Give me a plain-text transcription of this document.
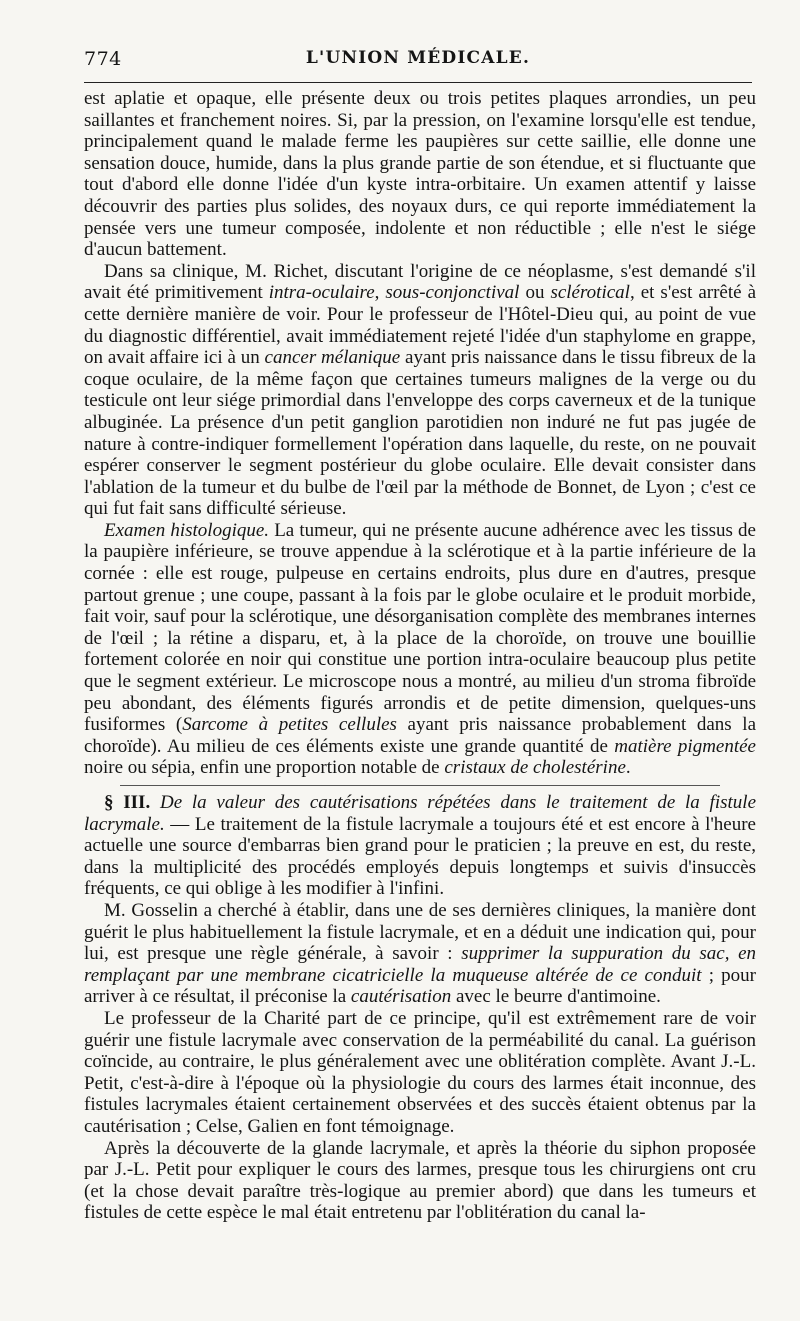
774	L'UNION MÉDICALE.

est aplatie et opaque, elle présente deux ou trois petites plaques arrondies, un peu saillantes et franchement noires. Si, par la pression, on l'examine lorsqu'elle est tendue, principalement quand le malade ferme les paupières sur cette saillie, elle donne une sensation douce, humide, dans la plus grande partie de son étendue, et si fluctuante que tout d'abord elle donne l'idée d'un kyste intra-orbitaire. Un examen attentif y laisse découvrir des parties plus solides, des noyaux durs, ce qui reporte immédiatement la pensée vers une tumeur composée, indolente et non réductible ; elle n'est le siége d'aucun battement.

Dans sa clinique, M. Richet, discutant l'origine de ce néoplasme, s'est demandé s'il avait été primitivement intra-oculaire, sous-conjonctival ou sclérotical, et s'est arrêté à cette dernière manière de voir. Pour le professeur de l'Hôtel-Dieu qui, au point de vue du diagnostic différentiel, avait immédiatement rejeté l'idée d'un staphylome en grappe, on avait affaire ici à un cancer mélanique ayant pris naissance dans le tissu fibreux de la coque oculaire, de la même façon que certaines tumeurs malignes de la verge ou du testicule ont leur siége primordial dans l'enveloppe des corps caverneux et de la tunique albuginée. La présence d'un petit ganglion parotidien non induré ne fut pas jugée de nature à contre-indiquer formellement l'opération dans laquelle, du reste, on ne pouvait espérer conserver le segment postérieur du globe oculaire. Elle devait consister dans l'ablation de la tumeur et du bulbe de l'œil par la méthode de Bonnet, de Lyon ; c'est ce qui fut fait sans difficulté sérieuse.

Examen histologique. La tumeur, qui ne présente aucune adhérence avec les tissus de la paupière inférieure, se trouve appendue à la sclérotique et à la partie inférieure de la cornée : elle est rouge, pulpeuse en certains endroits, plus dure en d'autres, presque partout grenue ; une coupe, passant à la fois par le globe oculaire et le produit morbide, fait voir, sauf pour la sclérotique, une désorganisation complète des membranes internes de l'œil ; la rétine a disparu, et, à la place de la choroïde, on trouve une bouillie fortement colorée en noir qui constitue une portion intra-oculaire beaucoup plus petite que le segment extérieur. Le microscope nous a montré, au milieu d'un stroma fibroïde peu abondant, des éléments figurés arrondis et de petite dimension, quelques-uns fusiformes (Sarcome à petites cellules ayant pris naissance probablement dans la choroïde). Au milieu de ces éléments existe une grande quantité de matière pigmentée noire ou sépia, enfin une proportion notable de cristaux de cholestérine.

§ III. De la valeur des cautérisations répétées dans le traitement de la fistule lacrymale. — Le traitement de la fistule lacrymale a toujours été et est encore à l'heure actuelle une source d'embarras bien grand pour le praticien ; la preuve en est, du reste, dans la multiplicité des procédés employés depuis longtemps et suivis d'insuccès fréquents, ce qui oblige à les modifier à l'infini.

M. Gosselin a cherché à établir, dans une de ses dernières cliniques, la manière dont guérit le plus habituellement la fistule lacrymale, et en a déduit une indication qui, pour lui, est presque une règle générale, à savoir : supprimer la suppuration du sac, en remplaçant par une membrane cicatricielle la muqueuse altérée de ce conduit ; pour arriver à ce résultat, il préconise la cautérisation avec le beurre d'antimoine.

Le professeur de la Charité part de ce principe, qu'il est extrêmement rare de voir guérir une fistule lacrymale avec conservation de la perméabilité du canal. La guérison coïncide, au contraire, le plus généralement avec une oblitération complète. Avant J.-L. Petit, c'est-à-dire à l'époque où la physiologie du cours des larmes était inconnue, des fistules lacrymales étaient certainement observées et des succès étaient obtenus par la cautérisation ; Celse, Galien en font témoignage.

Après la découverte de la glande lacrymale, et après la théorie du siphon proposée par J.-L. Petit pour expliquer le cours des larmes, presque tous les chirurgiens ont cru (et la chose devait paraître très-logique au premier abord) que dans les tumeurs et fistules de cette espèce le mal était entretenu par l'oblitération du canal la-
